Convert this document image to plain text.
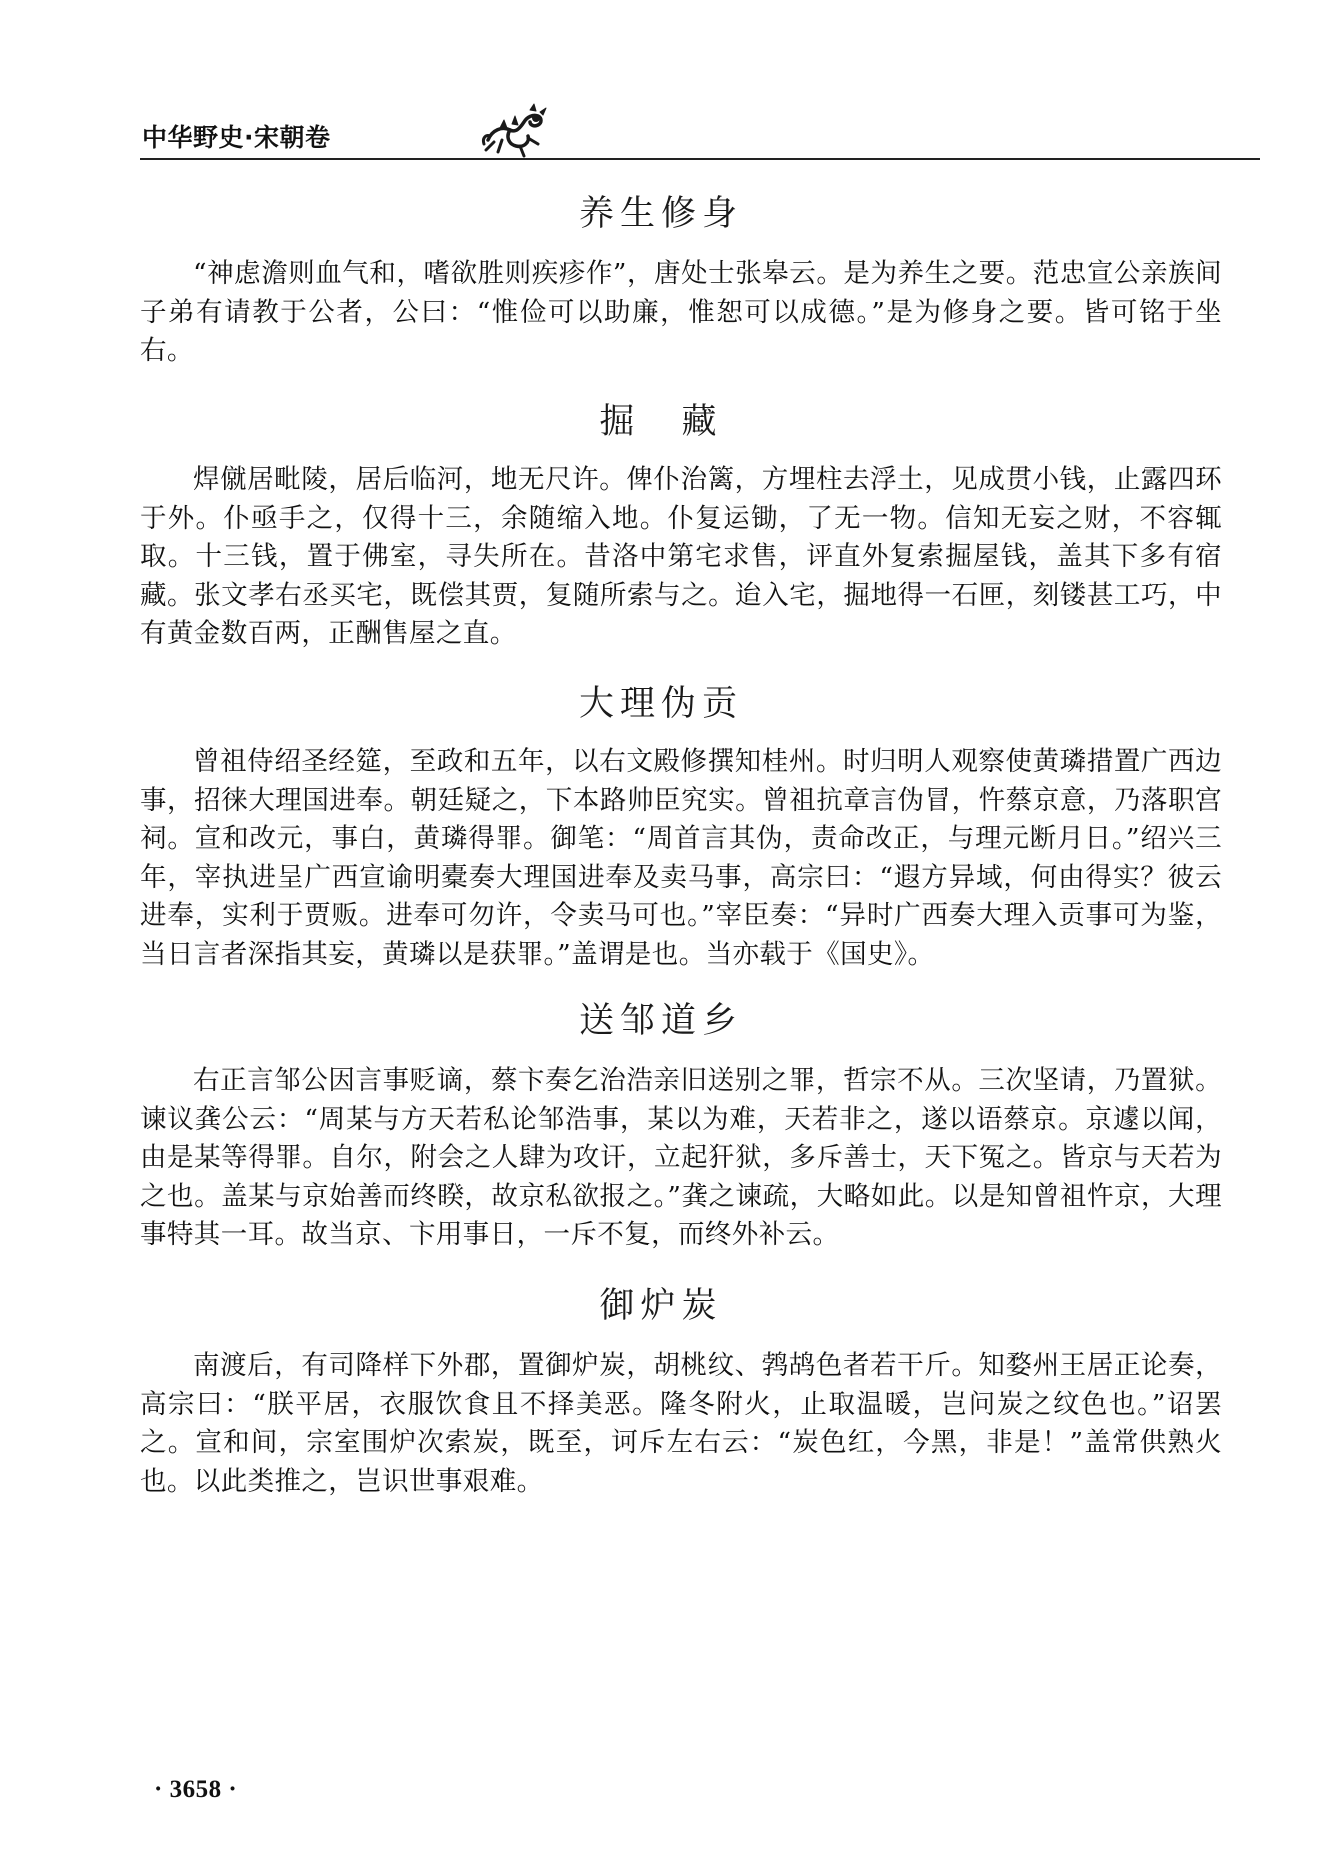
中华野史·宋朝卷
养生修身
“神虑澹则血气和，嗜欲胜则疾疹作”，唐处士张皋云。是为养生之要。范忠宣公亲族间子弟有请教于公者，公曰：“惟俭可以助廉，惟恕可以成德。”是为修身之要。皆可铭于坐右。
掘　藏
焊僦居毗陵，居后临河，地无尺许。俾仆治篱，方埋柱去浮土，见成贯小钱，止露四环于外。仆亟手之，仅得十三，余随缩入地。仆复运锄，了无一物。信知无妄之财，不容辄取。十三钱，置于佛室，寻失所在。昔洛中第宅求售，评直外复索掘屋钱，盖其下多有宿藏。张文孝右丞买宅，既偿其贾，复随所索与之。迨入宅，掘地得一石匣，刻镂甚工巧，中有黄金数百两，正酬售屋之直。
大理伪贡
曾祖侍绍圣经筵，至政和五年，以右文殿修撰知桂州。时归明人观察使黄璘措置广西边事，招徕大理国进奉。朝廷疑之，下本路帅臣究实。曾祖抗章言伪冒，忤蔡京意，乃落职宫祠。宣和改元，事白，黄璘得罪。御笔：“周首言其伪，责命改正，与理元断月日。”绍兴三年，宰执进呈广西宣谕明橐奏大理国进奉及卖马事，高宗曰：“遐方异域，何由得实？彼云进奉，实利于贾贩。进奉可勿许，令卖马可也。”宰臣奏：“异时广西奏大理入贡事可为鉴，当日言者深指其妄，黄璘以是获罪。”盖谓是也。当亦载于《国史》。
送邹道乡
右正言邹公因言事贬谪，蔡卞奏乞治浩亲旧送别之罪，哲宗不从。三次坚请，乃置狱。谏议龚公云：“周某与方天若私论邹浩事，某以为难，天若非之，遂以语蔡京。京遽以闻，由是某等得罪。自尔，附会之人肆为攻讦，立起犴狱，多斥善士，天下冤之。皆京与天若为之也。盖某与京始善而终睽，故京私欲报之。”龚之谏疏，大略如此。以是知曾祖忤京，大理事特其一耳。故当京、卞用事日，一斥不复，而终外补云。
御炉炭
南渡后，有司降样下外郡，置御炉炭，胡桃纹、鹁鸪色者若干斤。知婺州王居正论奏，高宗曰：“朕平居，衣服饮食且不择美恶。隆冬附火，止取温暖，岂问炭之纹色也。”诏罢之。宣和间，宗室围炉次索炭，既至，诃斥左右云：“炭色红，今黑，非是！”盖常供熟火也。以此类推之，岂识世事艰难。
· 3658 ·
